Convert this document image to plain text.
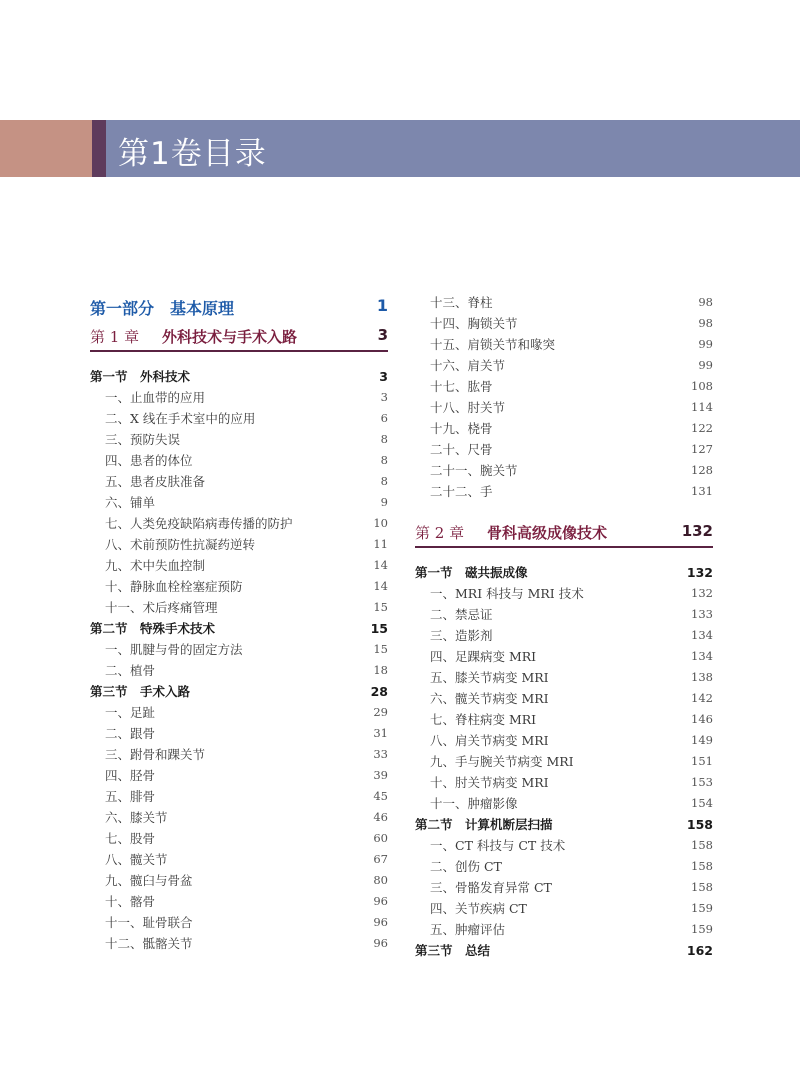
第1卷目录
第一部分　基本原理	1
第 1 章 外科技术与手术入路	3
第一节　外科技术	3
一、止血带的应用	3
二、X 线在手术室中的应用	6
三、预防失误	8
四、患者的体位	8
五、患者皮肤准备	8
六、铺单	9
七、人类免疫缺陷病毒传播的防护	10
八、术前预防性抗凝药逆转	11
九、术中失血控制	14
十、静脉血栓栓塞症预防	14
十一、术后疼痛管理	15
第二节　特殊手术技术	15
一、肌腱与骨的固定方法	15
二、植骨	18
第三节　手术入路	28
一、足趾	29
二、跟骨	31
三、跗骨和踝关节	33
四、胫骨	39
五、腓骨	45
六、膝关节	46
七、股骨	60
八、髋关节	67
九、髋臼与骨盆	80
十、髂骨	96
十一、耻骨联合	96
十二、骶髂关节	96
十三、脊柱	98
十四、胸锁关节	98
十五、肩锁关节和喙突	99
十六、肩关节	99
十七、肱骨	108
十八、肘关节	114
十九、桡骨	122
二十、尺骨	127
二十一、腕关节	128
二十二、手	131
第 2 章 骨科高级成像技术	132
第一节　磁共振成像	132
一、MRI 科技与 MRI 技术	132
二、禁忌证	133
三、造影剂	134
四、足踝病变 MRI	134
五、膝关节病变 MRI	138
六、髋关节病变 MRI	142
七、脊柱病变 MRI	146
八、肩关节病变 MRI	149
九、手与腕关节病变 MRI	151
十、肘关节病变 MRI	153
十一、肿瘤影像	154
第二节　计算机断层扫描	158
一、CT 科技与 CT 技术	158
二、创伤 CT	158
三、骨骼发育异常 CT	158
四、关节疾病 CT	159
五、肿瘤评估	159
第三节　总结	162
